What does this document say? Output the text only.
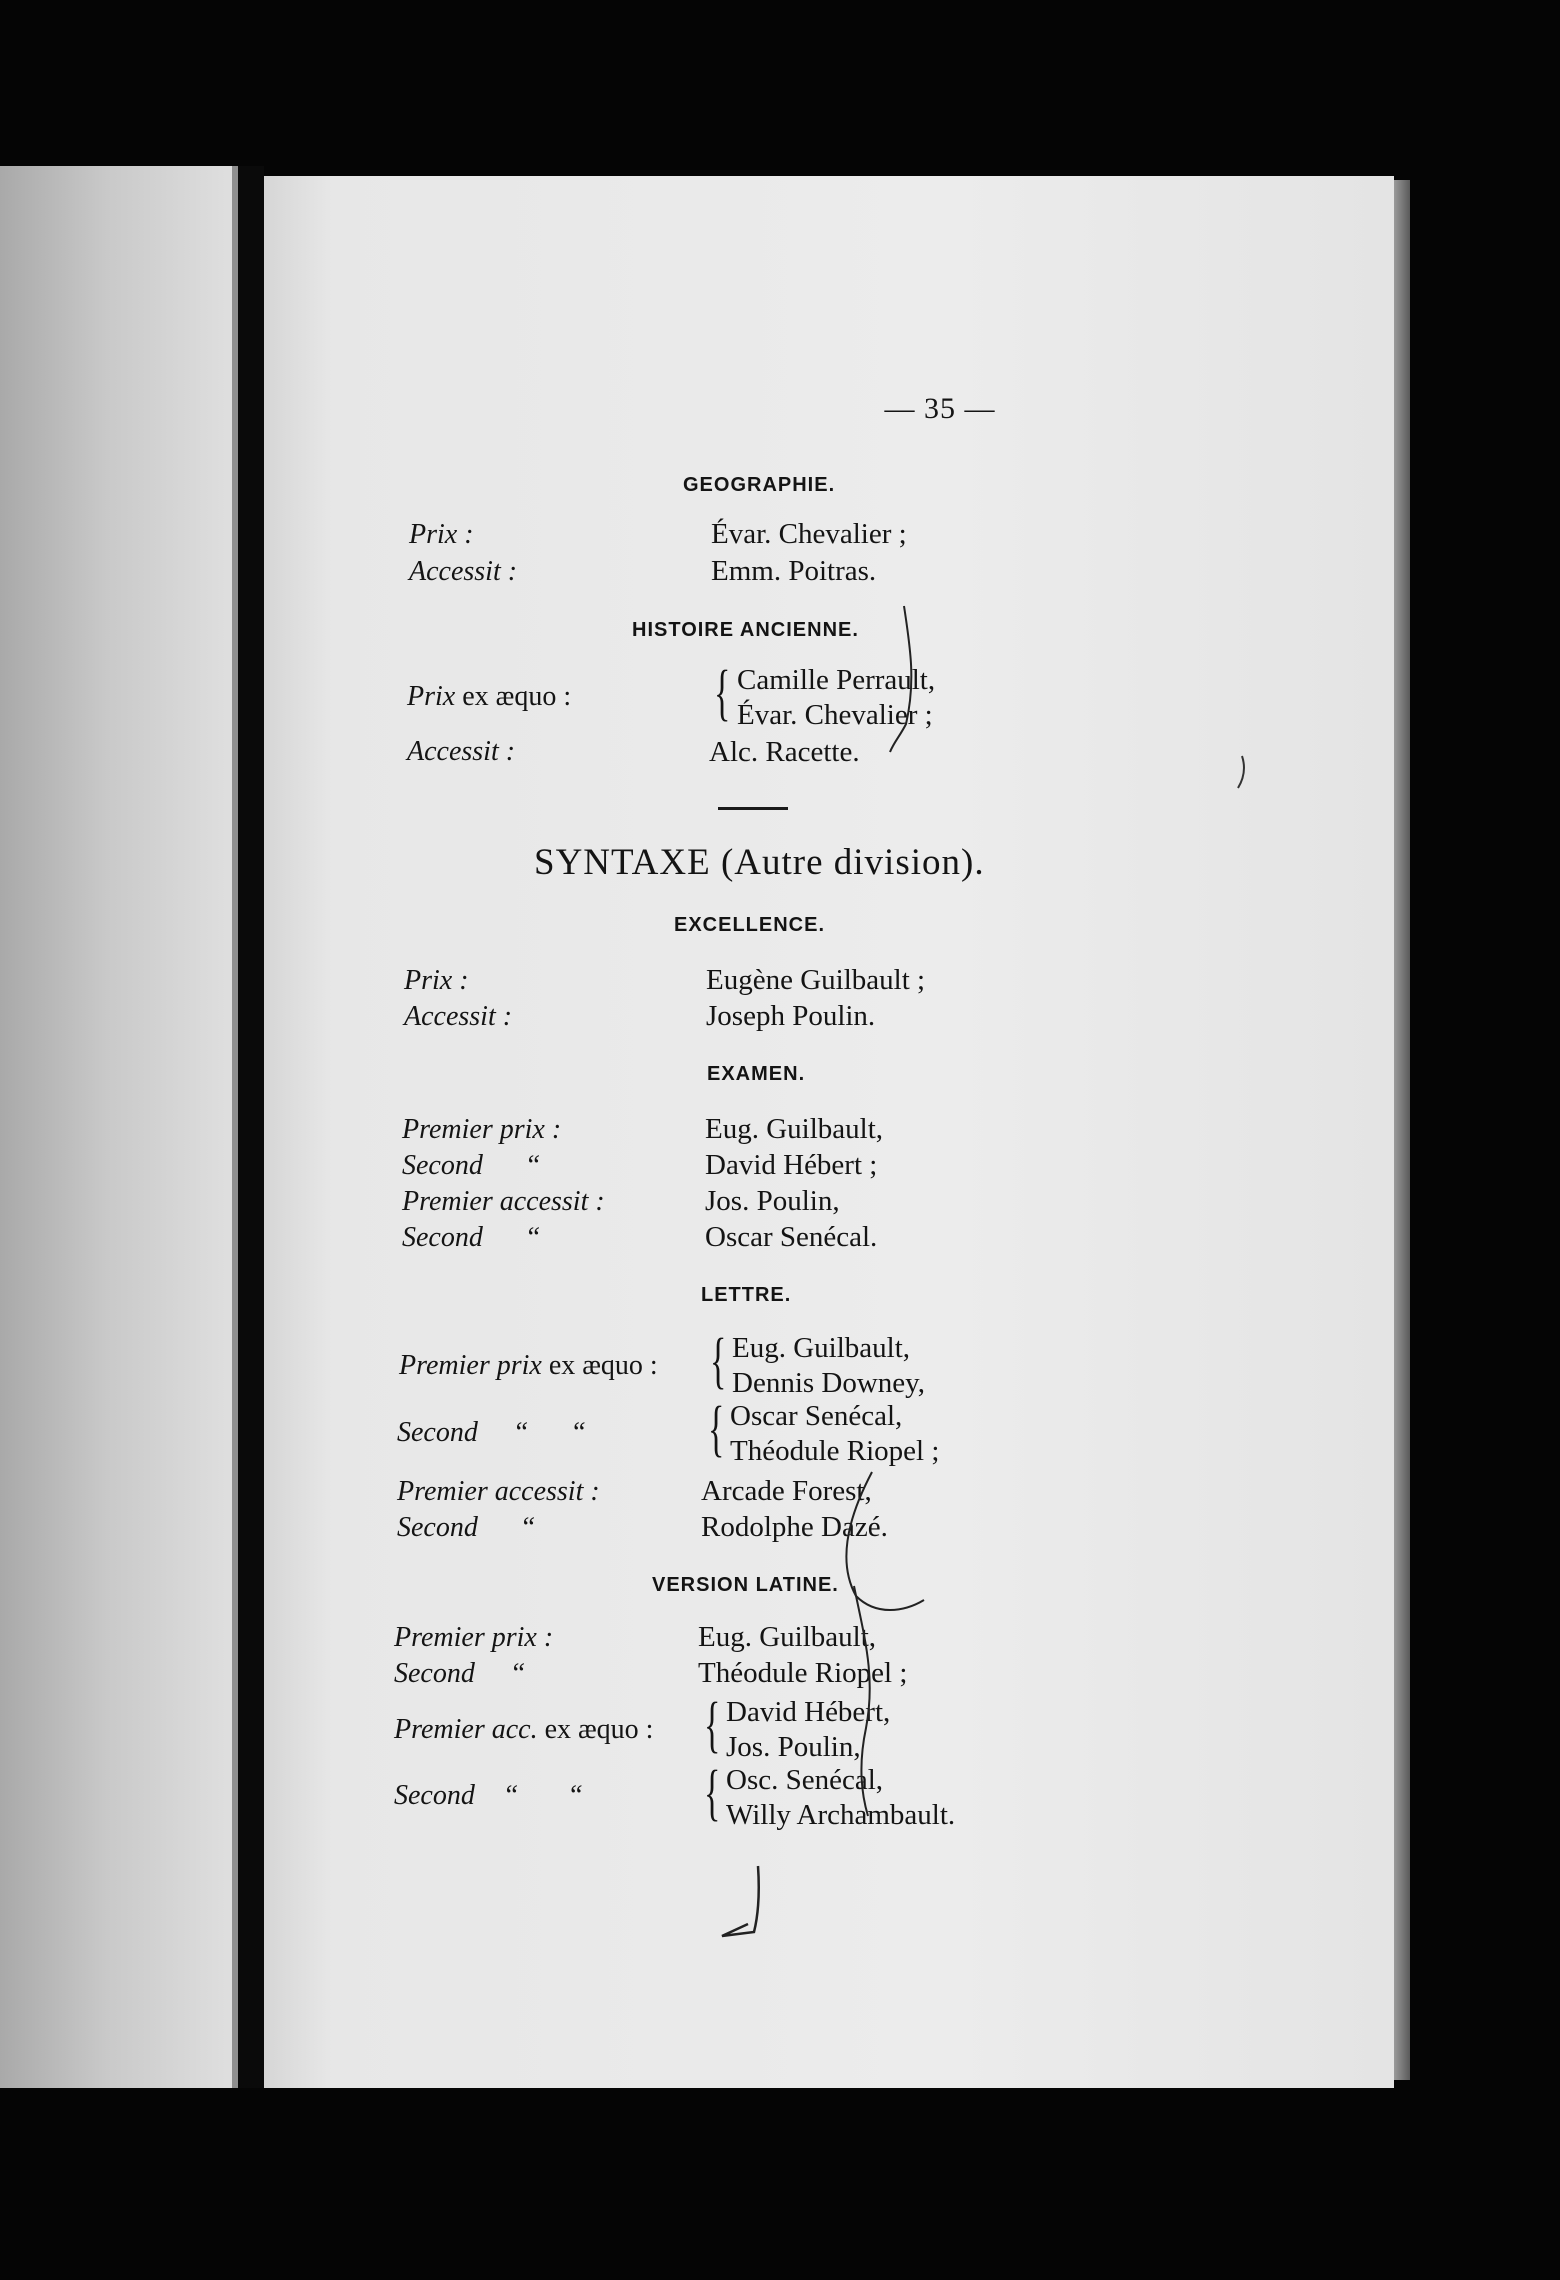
— 35 —
GEOGRAPHIE.
Prix :	Évar. Chevalier ;
Accessit :	Emm. Poitras.
HISTOIRE ANCIENNE.
Prix ex æquo : { Camille Perrault,
Évar. Chevalier ;
Accessit :	Alc. Racette.
SYNTAXE (Autre division).
EXCELLENCE.
Prix :	Eugène Guilbault ;
Accessit :	Joseph Poulin.
EXAMEN.
Premier prix :	Eug. Guilbault,
Second      “	David Hébert ;
Premier accessit :	Jos. Poulin,
Second      “	Oscar Senécal.
LETTRE.
Premier prix ex æquo : { Eug. Guilbault,
Dennis Downey,
Second     “      “ { Oscar Senécal,
Théodule Riopel ;
Premier accessit :	Arcade Forest,
Second      “	Rodolphe Dazé.
VERSION LATINE.
Premier prix :	Eug. Guilbault,
Second     “	Théodule Riopel ;
Premier acc. ex æquo : { David Hébert,
Jos. Poulin,
Second    “       “ { Osc. Senécal,
Willy Archambault.
